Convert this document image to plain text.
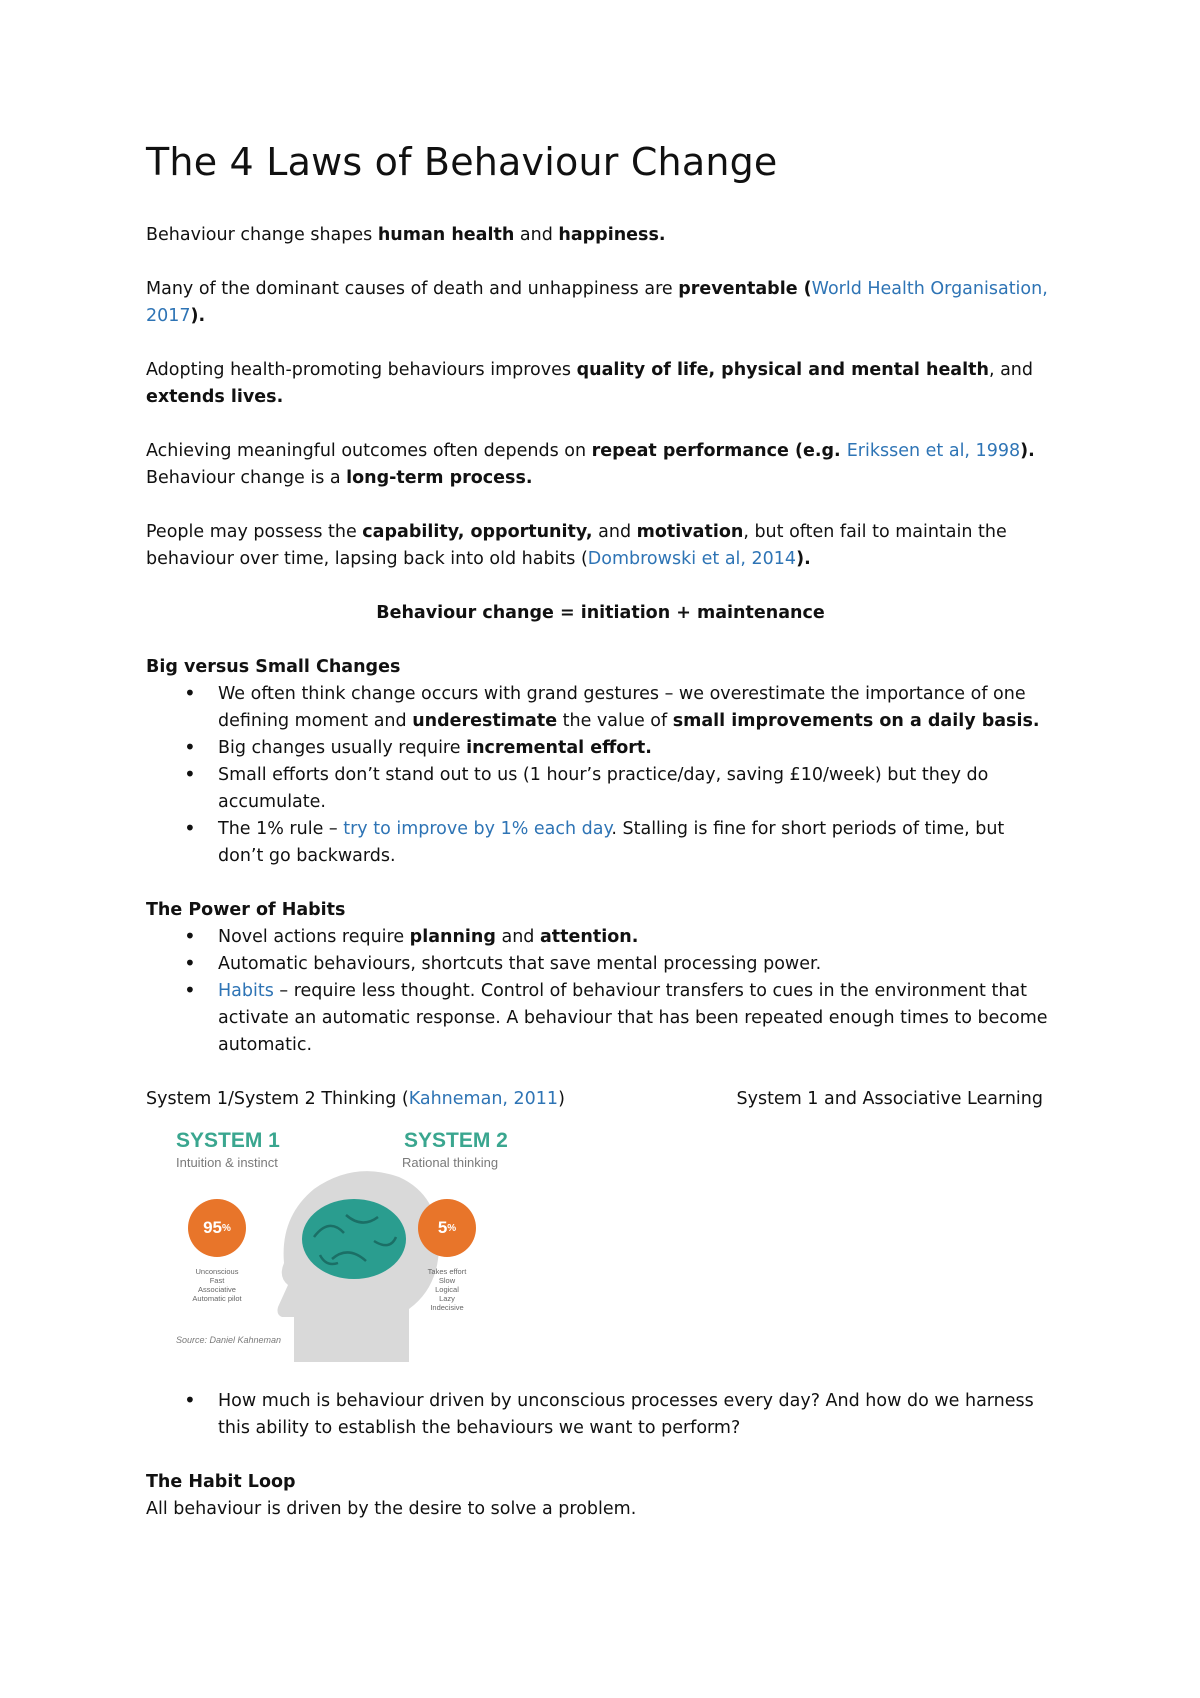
The 4 Laws of Behaviour Change

Behaviour change shapes human health and happiness.

Many of the dominant causes of death and unhappiness are preventable (World Health Organisation, 2017).

Adopting health-promoting behaviours improves quality of life, physical and mental health, and extends lives.

Achieving meaningful outcomes often depends on repeat performance (e.g. Erikssen et al, 1998).
Behaviour change is a long-term process.

People may possess the capability, opportunity, and motivation, but often fail to maintain the behaviour over time, lapsing back into old habits (Dombrowski et al, 2014).

Behaviour change = initiation + maintenance

Big versus Small Changes
• We often think change occurs with grand gestures – we overestimate the importance of one defining moment and underestimate the value of small improvements on a daily basis.
• Big changes usually require incremental effort.
• Small efforts don’t stand out to us (1 hour’s practice/day, saving £10/week) but they do accumulate.
• The 1% rule – try to improve by 1% each day. Stalling is fine for short periods of time, but don’t go backwards.
The Power of Habits
• Novel actions require planning and attention.
• Automatic behaviours, shortcuts that save mental processing power.
• Habits – require less thought. Control of behaviour transfers to cues in the environment that activate an automatic response. A behaviour that has been repeated enough times to become automatic.
System 1/System 2 Thinking (Kahneman, 2011)	System 1 and Associative Learning
SYSTEM 1
Intuition & instinct
SYSTEM 2
Rational thinking
95 %	5 %
Unconscious
Fast
Associative
Automatic pilot
Takes effort
Slow
Logical
Lazy
Indecisive
Source: Daniel Kahneman
• How much is behaviour driven by unconscious processes every day? And how do we harness this ability to establish the behaviours we want to perform?
The Habit Loop

All behaviour is driven by the desire to solve a problem.
